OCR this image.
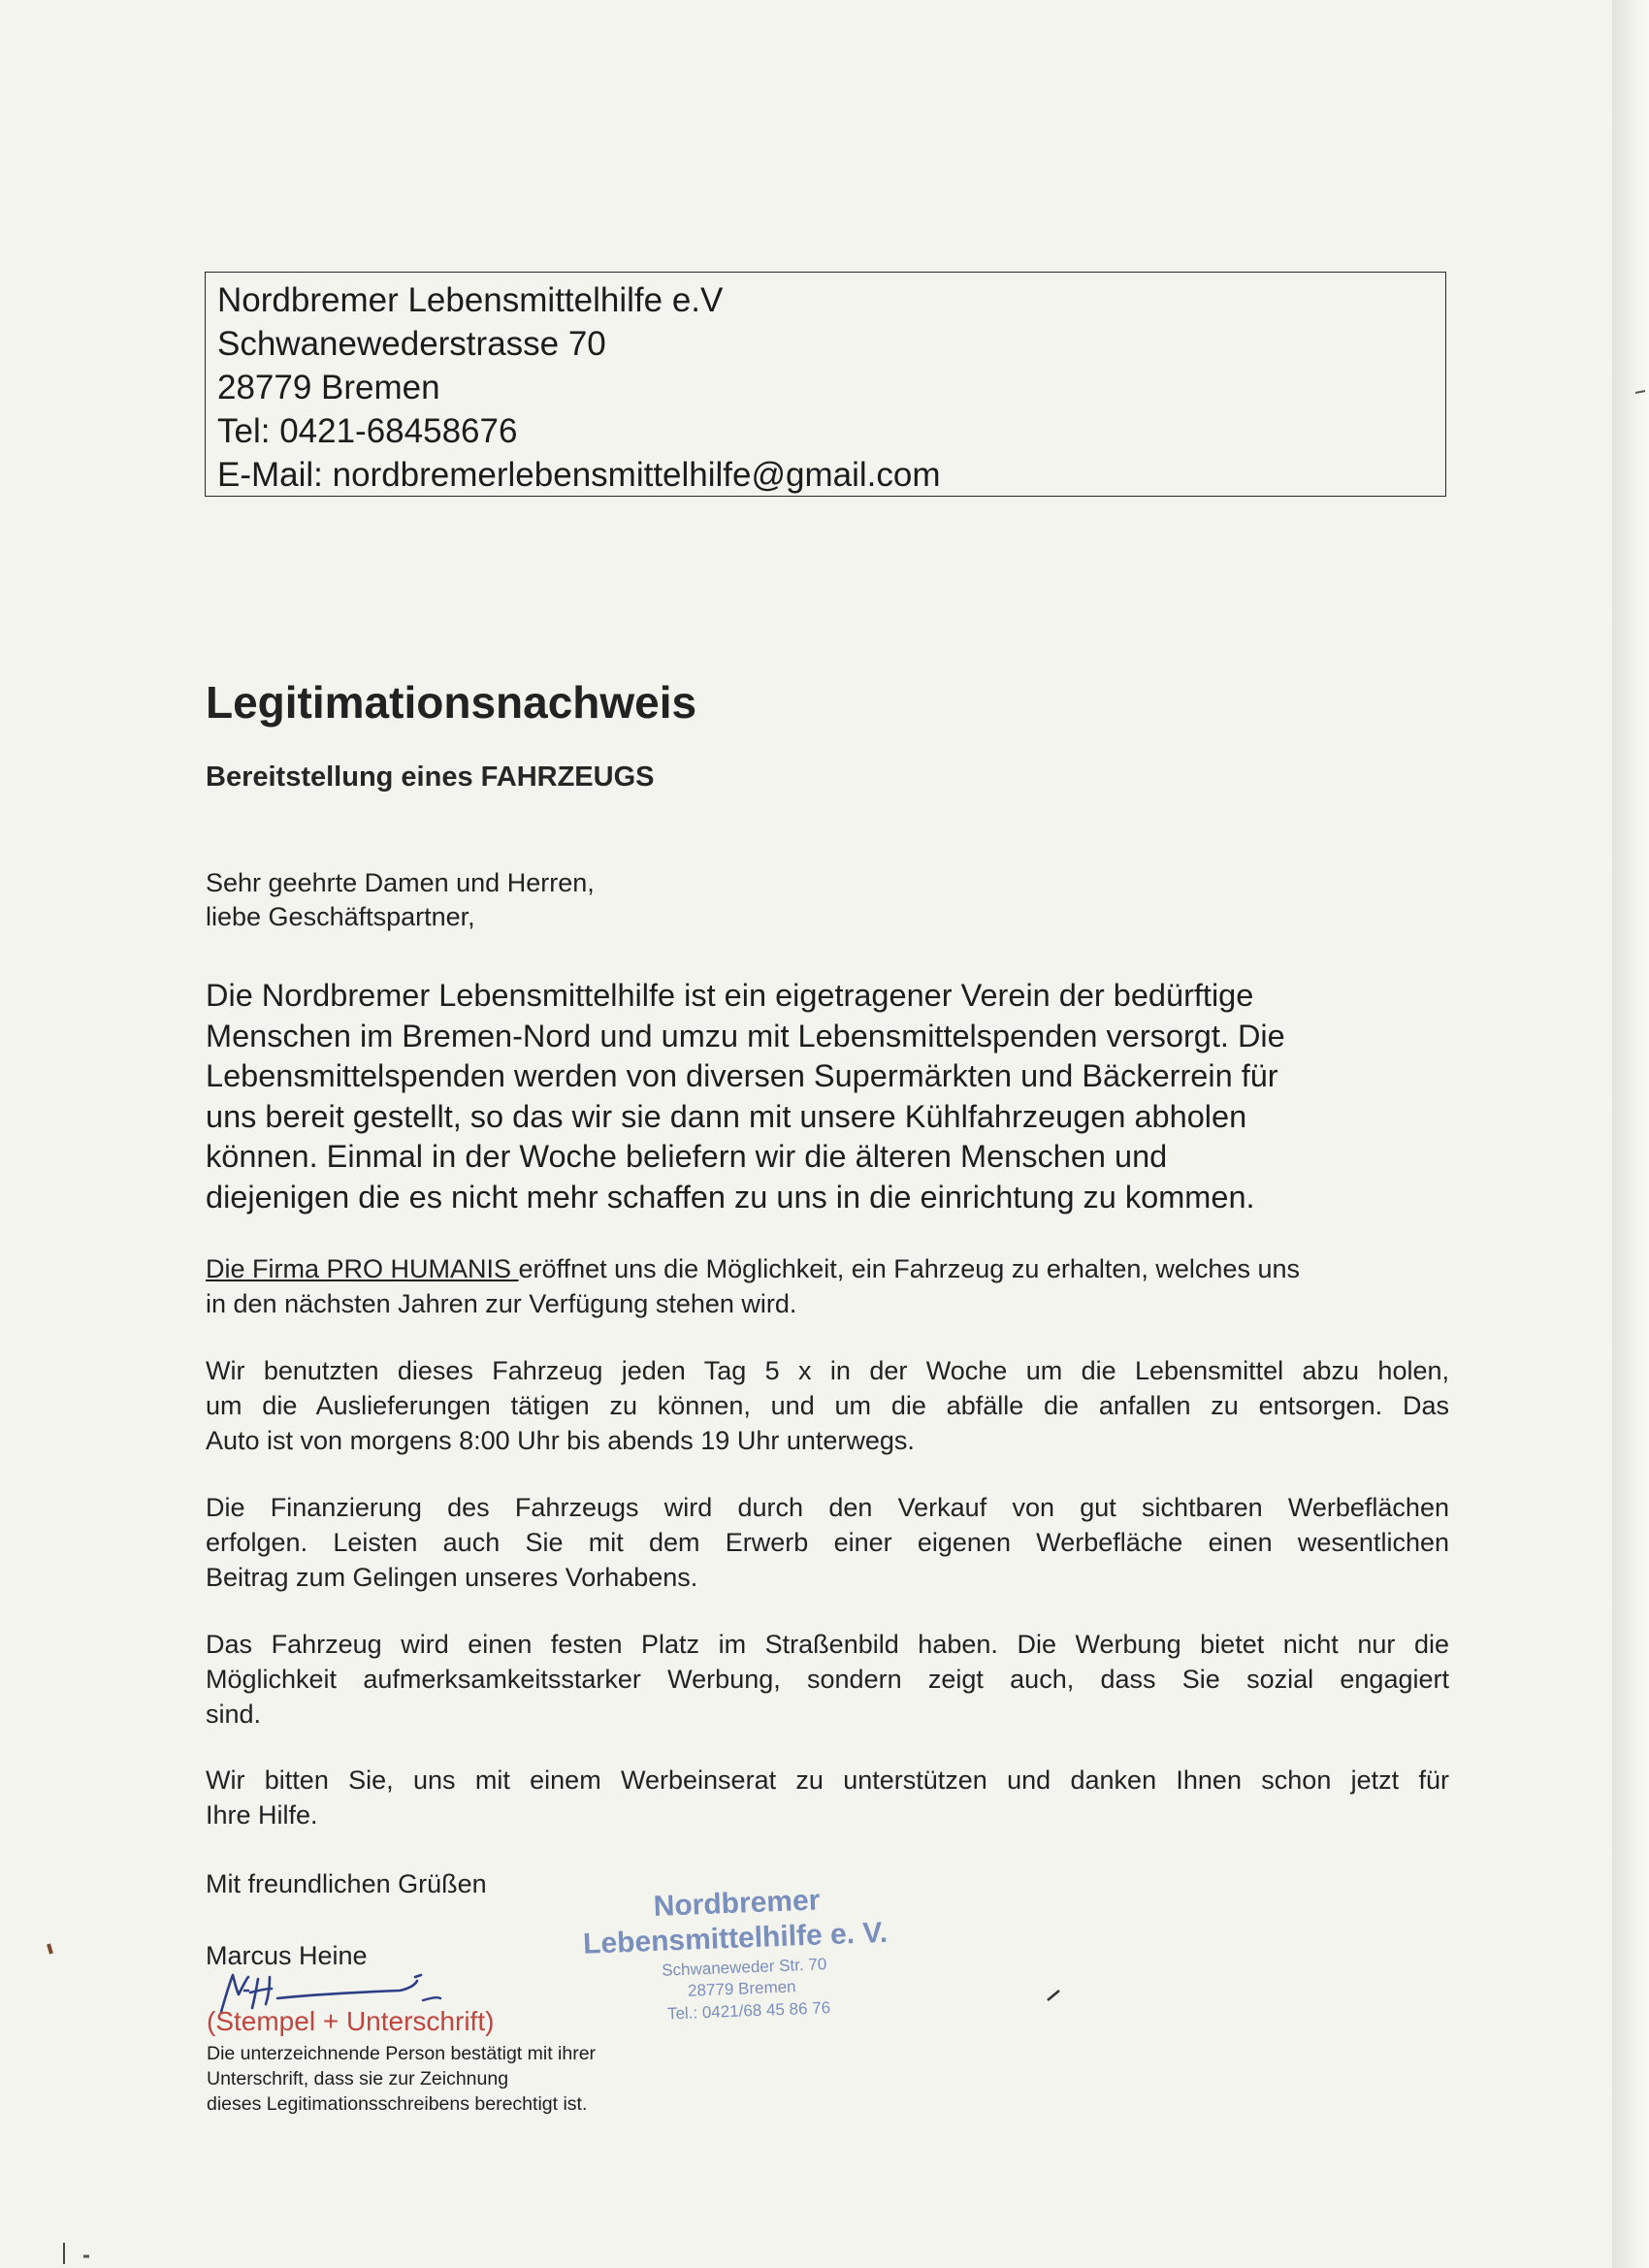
Nordbremer Lebensmittelhilfe e.V
Schwanewederstrasse 70
28779 Bremen
Tel: 0421-68458676
E-Mail: nordbremerlebensmittelhilfe@gmail.com
Legitimationsnachweis
Bereitstellung eines FAHRZEUGS
Sehr geehrte Damen und Herren,
liebe Geschäftspartner,
Die Nordbremer Lebensmittelhilfe ist ein eigetragener Verein der bedürftige
Menschen im Bremen-Nord und umzu mit Lebensmittelspenden versorgt. Die
Lebensmittelspenden werden von diversen Supermärkten und Bäckerrein für
uns bereit gestellt, so das wir sie dann mit unsere Kühlfahrzeugen abholen
können. Einmal in der Woche beliefern wir die älteren Menschen und
diejenigen die es nicht mehr schaffen zu uns in die einrichtung zu kommen.
Die Firma PRO HUMANIS eröffnet uns die Möglichkeit, ein Fahrzeug zu erhalten, welches uns
in den nächsten Jahren zur Verfügung stehen wird.
Wir benutzten dieses Fahrzeug jeden Tag 5 x in der Woche um die Lebensmittel abzu holen,
um die Auslieferungen tätigen zu können, und um die abfälle die anfallen zu entsorgen. Das
Auto ist von morgens 8:00 Uhr bis abends 19 Uhr unterwegs.
Die Finanzierung des Fahrzeugs wird durch den Verkauf von gut sichtbaren Werbeflächen
erfolgen. Leisten auch Sie mit dem Erwerb einer eigenen Werbefläche einen wesentlichen
Beitrag zum Gelingen unseres Vorhabens.
Das Fahrzeug wird einen festen Platz im Straßenbild haben. Die Werbung bietet nicht nur die
Möglichkeit aufmerksamkeitsstarker Werbung, sondern zeigt auch, dass Sie sozial engagiert
sind.
Wir bitten Sie, uns mit einem Werbeinserat zu unterstützen und danken Ihnen schon jetzt für
Ihre Hilfe.
Mit freundlichen Grüßen
Marcus Heine
(Stempel + Unterschrift)
Die unterzeichnende Person bestätigt mit ihrer
Unterschrift, dass sie zur Zeichnung
dieses Legitimationsschreibens berechtigt ist.
Nordbremer
Lebensmittelhilfe e. V.
Schwaneweder Str. 70
28779 Bremen
Tel.: 0421/68 45 86 76
